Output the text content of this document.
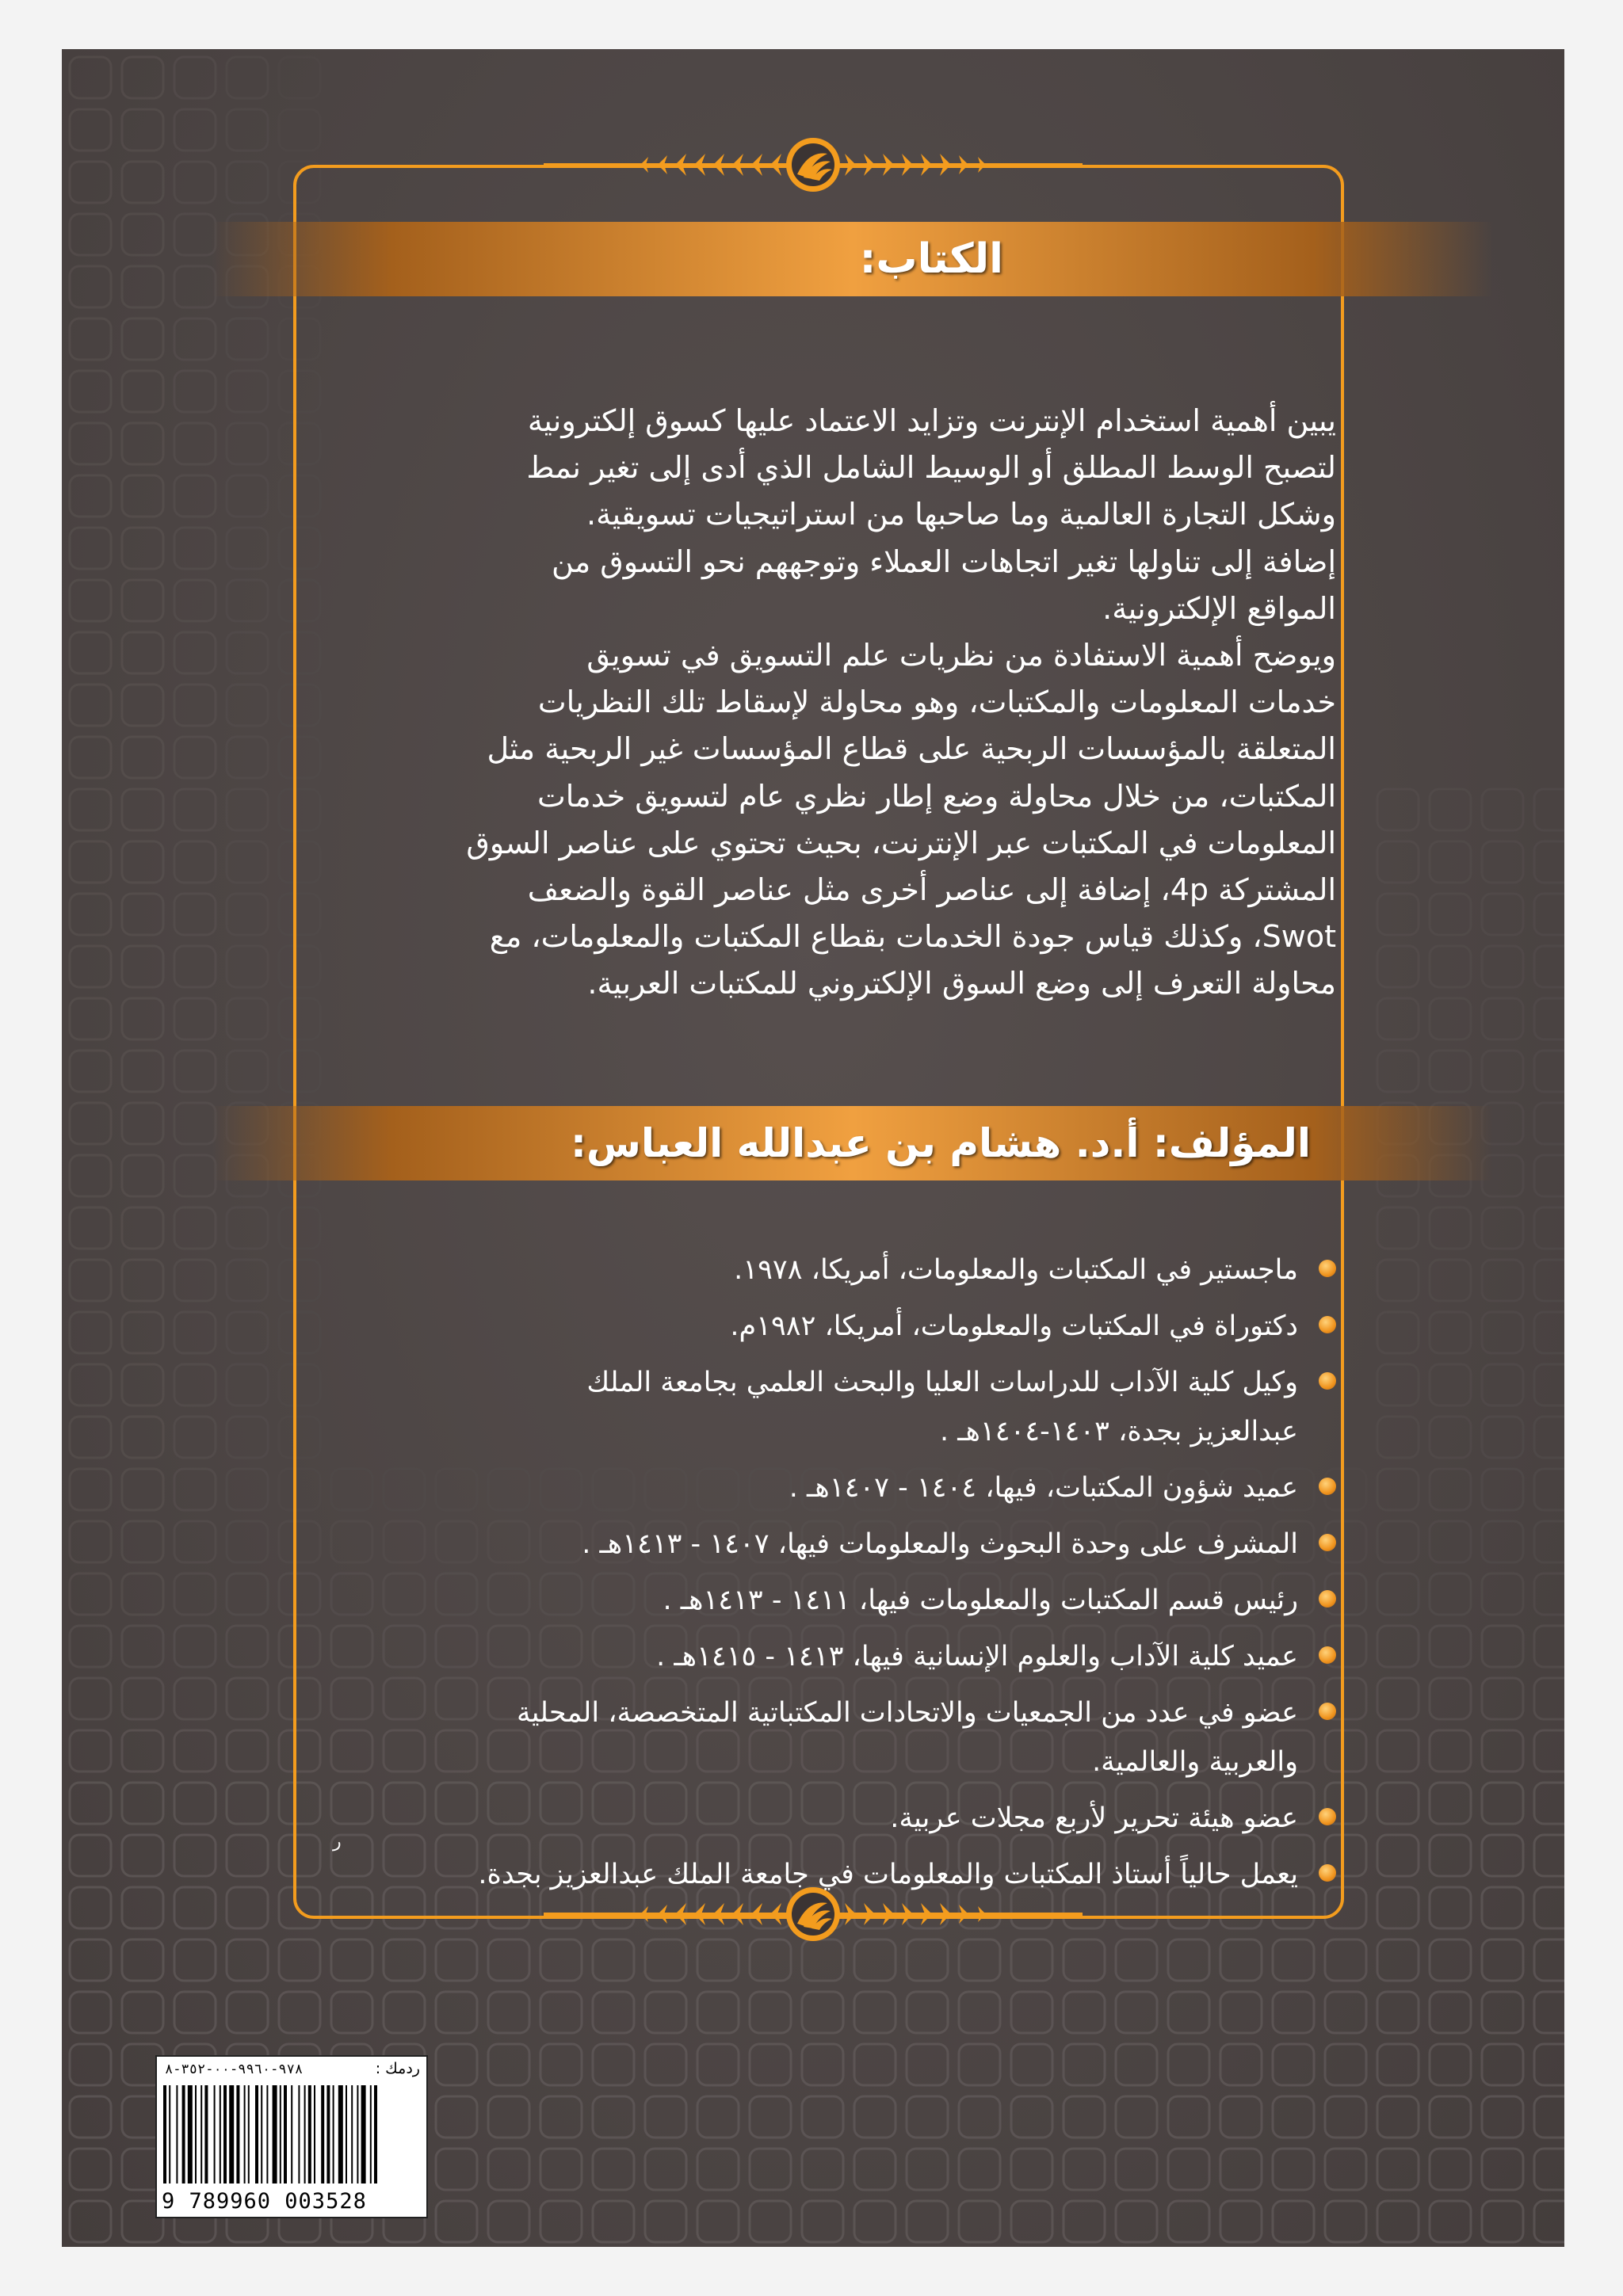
الكتاب:
يبين أهمية استخدام الإنترنت وتزايد الاعتماد عليها كسوق إلكترونية
لتصبح الوسط المطلق أو الوسيط الشامل الذي أدى إلى تغير نمط
وشكل التجارة العالمية وما صاحبها من استراتيجيات تسويقية.
إضافة إلى تناولها تغير اتجاهات العملاء وتوجههم نحو التسوق من
المواقع الإلكترونية.
ويوضح أهمية الاستفادة من نظريات علم التسويق في تسويق
خدمات المعلومات والمكتبات، وهو محاولة لإسقاط تلك النظريات
المتعلقة بالمؤسسات الربحية على قطاع المؤسسات غير الربحية مثل
المكتبات، من خلال محاولة وضع إطار نظري عام لتسويق خدمات
المعلومات في المكتبات عبر الإنترنت، بحيث تحتوي على عناصر السوق
المشتركة 4p، إضافة إلى عناصر أخرى مثل عناصر القوة والضعف
Swot، وكذلك قياس جودة الخدمات بقطاع المكتبات والمعلومات، مع
محاولة التعرف إلى وضع السوق الإلكتروني للمكتبات العربية.
المؤلف: أ.د. هشام بن عبدالله العباس:
ماجستير في المكتبات والمعلومات، أمريكا، ١٩٧٨.
دكتوراة في المكتبات والمعلومات، أمريكا، ١٩٨٢م.
وكيل كلية الآداب للدراسات العليا والبحث العلمي بجامعة الملك عبدالعزيز بجدة، ١٤٠٣-١٤٠٤هـ .
عميد شؤون المكتبات، فيها، ١٤٠٤ - ١٤٠٧هـ .
المشرف على وحدة البحوث والمعلومات فيها، ١٤٠٧ - ١٤١٣هـ .
رئيس قسم المكتبات والمعلومات فيها، ١٤١١ - ١٤١٣هـ .
عميد كلية الآداب والعلوم الإنسانية فيها، ١٤١٣ - ١٤١٥هـ .
عضو في عدد من الجمعيات والاتحادات المكتباتية المتخصصة، المحلية والعربية والعالمية.
عضو هيئة تحرير لأربع مجلات عربية.
يعمل حالياً أستاذ المكتبات والمعلومات في جامعة الملك عبدالعزيز بجدة.
ر
ردمك :
٩٧٨-٩٩٦٠-٠٠-٣٥٢-٨
9 789960 003528
